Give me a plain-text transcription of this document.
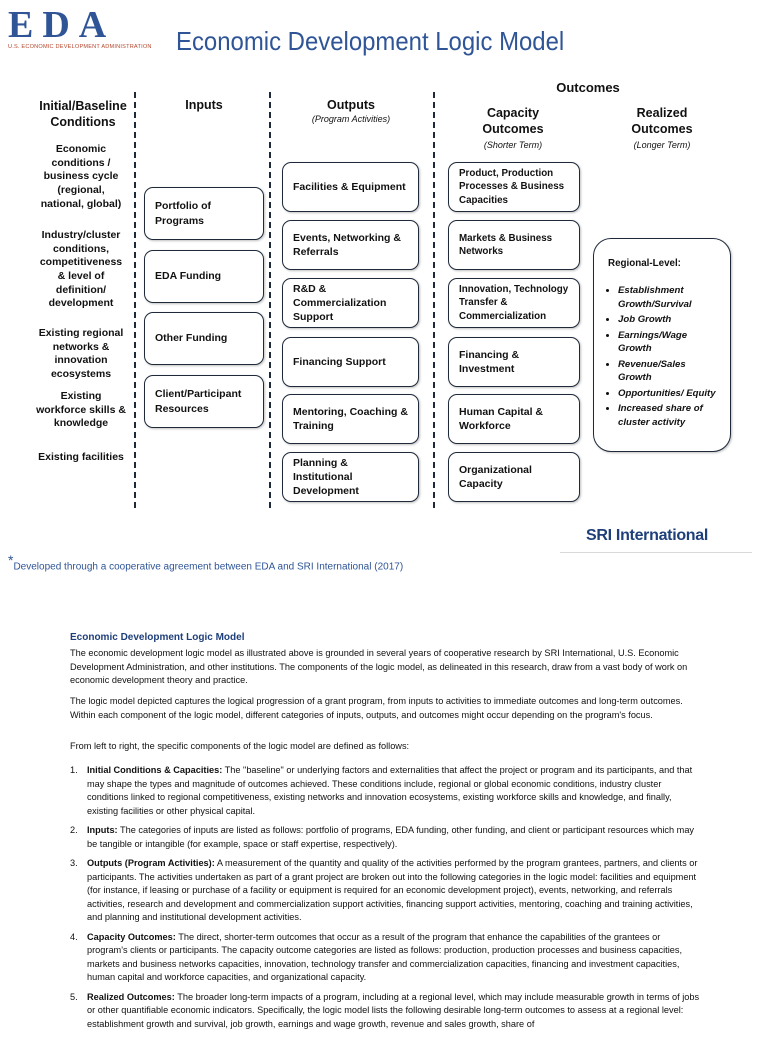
EDA
U.S. ECONOMIC DEVELOPMENT ADMINISTRATION Economic Development Logic Model
Outcomes
Initial/Baseline Conditions
Inputs	Outputs
(Program Activities)	Capacity Outcomes
(Shorter Term)
Realized Outcomes
(Longer Term)
Economic conditions / business cycle (regional, national, global)
Industry/cluster conditions, competitiveness & level of definition/ development
Existing regional networks & innovation ecosystems
Existing workforce skills & knowledge
Existing facilities
Portfolio of Programs
EDA Funding
Other Funding
Client/Participant Resources
Facilities & Equipment
Events, Networking & Referrals
R&D & Commercialization Support
Financing Support
Mentoring, Coaching & Training
Planning & Institutional Development
Product, Production Processes & Business Capacities
Markets & Business Networks
Innovation, Technology Transfer & Commercialization
Financing & Investment
Human Capital & Workforce
Organizational Capacity
Regional-Level:
• Establishment Growth/Survival
• Job Growth
• Earnings/Wage Growth
• Revenue/Sales Growth
• Opportunities/ Equity
• Increased share of cluster activity
SRI International
*Developed through a cooperative agreement between EDA and SRI International (2017)
Economic Development Logic Model

The economic development logic model as illustrated above is grounded in several years of cooperative research by SRI International, U.S. Economic Development Administration, and other institutions. The components of the logic model, as delineated in this research, draw from a vast body of work on economic development theory and practice.

The logic model depicted captures the logical progression of a grant program, from inputs to activities to immediate outcomes and long-term outcomes. Within each component of the logic model, different categories of inputs, outputs, and outcomes might occur depending on the program's focus.

From left to right, the specific components of the logic model are defined as follows:

1.	Initial Conditions & Capacities: The "baseline" or underlying factors and externalities that affect the project or program and its participants, and that may shape the types and magnitude of outcomes achieved. These conditions include, regional or global economic conditions, industry cluster conditions linked to regional competitiveness, existing networks and innovation ecosystems, existing workforce skills and knowledge, and finally, existing facilities or other physical capital.
2.	Inputs: The categories of inputs are listed as follows: portfolio of programs, EDA funding, other funding, and client or participant resources which may be tangible or intangible (for example, space or staff expertise, respectively).
3.	Outputs (Program Activities): A measurement of the quantity and quality of the activities performed by the program grantees, partners, and clients or participants. The activities undertaken as part of a grant project are broken out into the following categories in the logic model: facilities and equipment (for instance, if leasing or purchase of a facility or equipment is required for an economic development project), events, networking, and referrals activities, research and development and commercialization support activities, financing support activities, mentoring, coaching and training activities, and planning and institutional development activities.
4.	Capacity Outcomes: The direct, shorter-term outcomes that occur as a result of the program that enhance the capabilities of the grantees or program's clients or participants. The capacity outcome categories are listed as follows: production, production processes and business capacities, markets and business networks capacities, innovation, technology transfer and commercialization capacities, financing and investment capacities, human capital and workforce capacities, and organizational capacity.
5.	Realized Outcomes: The broader long-term impacts of a program, including at a regional level, which may include measurable growth in terms of jobs or other quantifiable economic indicators. Specifically, the logic model lists the following desirable long-term outcomes to assess at a regional level: establishment growth and survival, job growth, earnings and wage growth, revenue and sales growth, share of
